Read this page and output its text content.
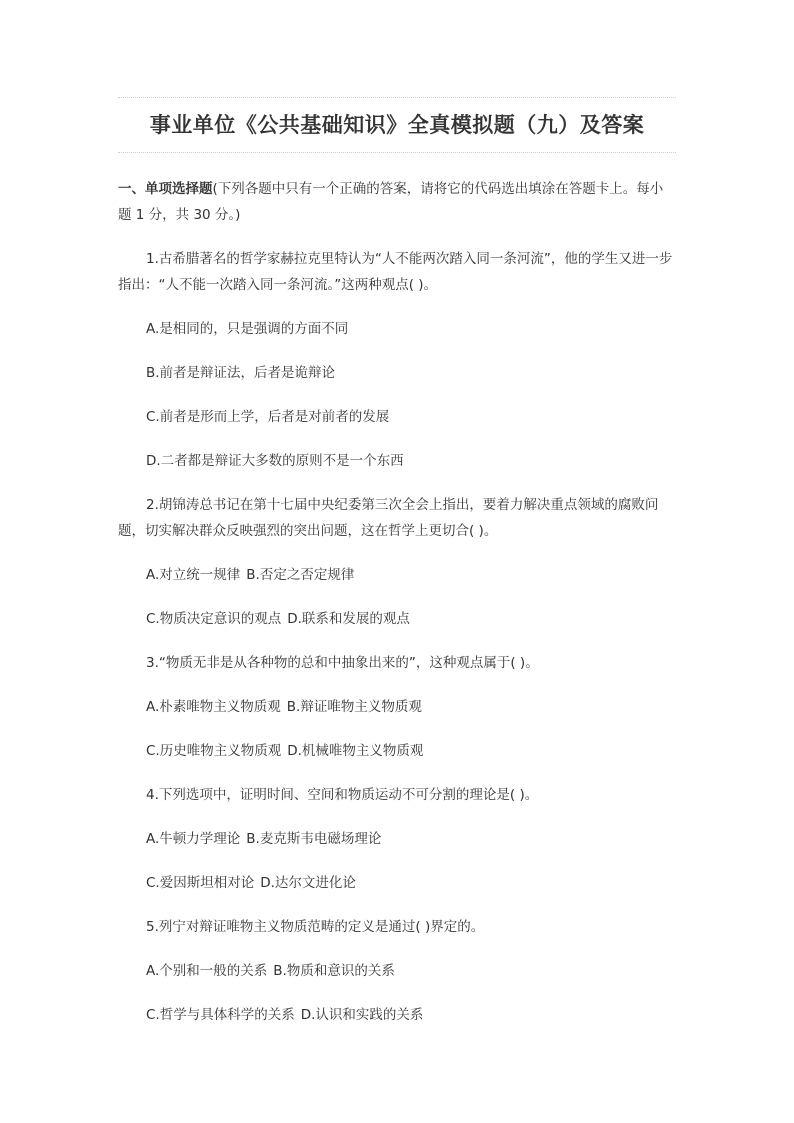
事业单位《公共基础知识》全真模拟题（九）及答案

一、单项选择题(下列各题中只有一个正确的答案，请将它的代码选出填涂在答题卡上。每小题 1 分，共 30 分。)

1.古希腊著名的哲学家赫拉克里特认为“人不能两次踏入同一条河流”，他的学生又进一步指出：“人不能一次踏入同一条河流。”这两种观点( )。

A.是相同的，只是强调的方面不同

B.前者是辩证法，后者是诡辩论

C.前者是形而上学，后者是对前者的发展

D.二者都是辩证大多数的原则不是一个东西

2.胡锦涛总书记在第十七届中央纪委第三次全会上指出，要着力解决重点领域的腐败问题，切实解决群众反映强烈的突出问题，这在哲学上更切合( )。

A.对立统一规律 B.否定之否定规律

C.物质决定意识的观点 D.联系和发展的观点

3.“物质无非是从各种物的总和中抽象出来的”，这种观点属于( )。

A.朴素唯物主义物质观 B.辩证唯物主义物质观

C.历史唯物主义物质观 D.机械唯物主义物质观

4.下列选项中，证明时间、空间和物质运动不可分割的理论是( )。

A.牛顿力学理论 B.麦克斯韦电磁场理论

C.爱因斯坦相对论 D.达尔文进化论

5.列宁对辩证唯物主义物质范畴的定义是通过( )界定的。

A.个别和一般的关系 B.物质和意识的关系

C.哲学与具体科学的关系 D.认识和实践的关系
